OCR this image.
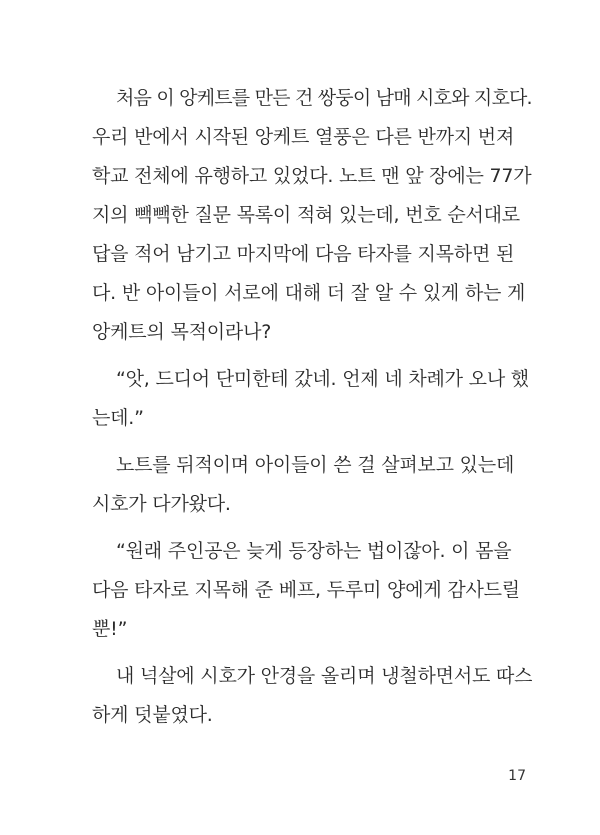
처음 이 앙케트를 만든 건 쌍둥이 남매 시호와 지호다.
우리 반에서 시작된 앙케트 열풍은 다른 반까지 번져
학교 전체에 유행하고 있었다. 노트 맨 앞 장에는 77가
지의 빽빽한 질문 목록이 적혀 있는데, 번호 순서대로
답을 적어 남기고 마지막에 다음 타자를 지목하면 된
다. 반 아이들이 서로에 대해 더 잘 알 수 있게 하는 게
앙케트의 목적이라나?
“앗, 드디어 단미한테 갔네. 언제 네 차례가 오나 했
는데.”
노트를 뒤적이며 아이들이 쓴 걸 살펴보고 있는데
시호가 다가왔다.
“원래 주인공은 늦게 등장하는 법이잖아. 이 몸을
다음 타자로 지목해 준 베프, 두루미 양에게 감사드릴
뿐!”
내 넉살에 시호가 안경을 올리며 냉철하면서도 따스
하게 덧붙였다.
17
